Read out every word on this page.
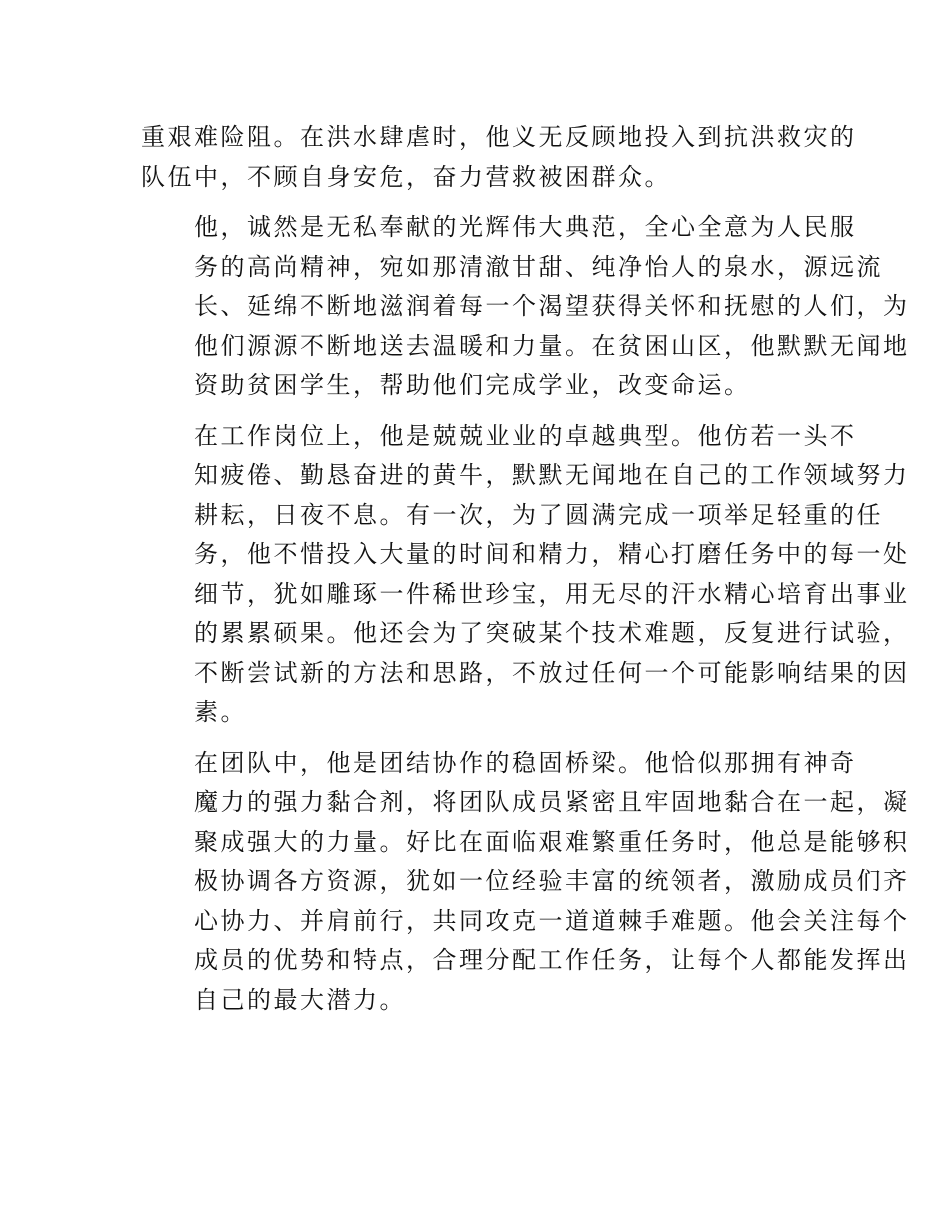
重艰难险阻。在洪水肆虐时，他义无反顾地投入到抗洪救灾的
队伍中，不顾自身安危，奋力营救被困群众。

他，诚然是无私奉献的光辉伟大典范，全心全意为人民服
务的高尚精神，宛如那清澈甘甜、纯净怡人的泉水，源远流
长、延绵不断地滋润着每一个渴望获得关怀和抚慰的人们，为
他们源源不断地送去温暖和力量。在贫困山区，他默默无闻地
资助贫困学生，帮助他们完成学业，改变命运。

在工作岗位上，他是兢兢业业的卓越典型。他仿若一头不
知疲倦、勤恳奋进的黄牛，默默无闻地在自己的工作领域努力
耕耘，日夜不息。有一次，为了圆满完成一项举足轻重的任
务，他不惜投入大量的时间和精力，精心打磨任务中的每一处
细节，犹如雕琢一件稀世珍宝，用无尽的汗水精心培育出事业
的累累硕果。他还会为了突破某个技术难题，反复进行试验，
不断尝试新的方法和思路，不放过任何一个可能影响结果的因
素。

在团队中，他是团结协作的稳固桥梁。他恰似那拥有神奇
魔力的强力黏合剂，将团队成员紧密且牢固地黏合在一起，凝
聚成强大的力量。好比在面临艰难繁重任务时，他总是能够积
极协调各方资源，犹如一位经验丰富的统领者，激励成员们齐
心协力、并肩前行，共同攻克一道道棘手难题。他会关注每个
成员的优势和特点，合理分配工作任务，让每个人都能发挥出
自己的最大潜力。
